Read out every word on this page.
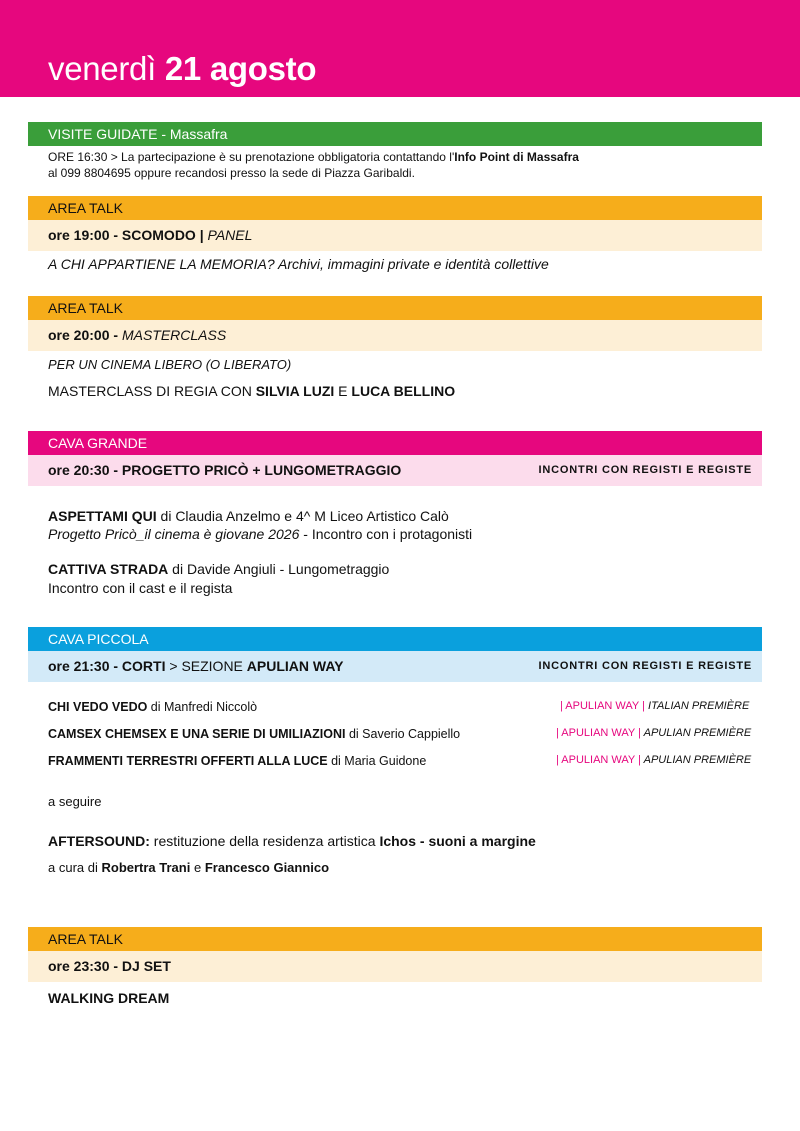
venerdì 21 agosto
VISITE GUIDATE - Massafra
ORE 16:30 > La partecipazione è su prenotazione obbligatoria contattando l'Info Point di Massafra
al 099 8804695 oppure recandosi presso la sede di Piazza Garibaldi.
AREA TALK
ore 19:00 - SCOMODO | PANEL
A CHI APPARTIENE LA MEMORIA? Archivi, immagini private e identità collettive
AREA TALK
ore 20:00 - MASTERCLASS
PER UN CINEMA LIBERO (O LIBERATO)
MASTERCLASS DI REGIA CON SILVIA LUZI E LUCA BELLINO
CAVA GRANDE
ore 20:30 - PROGETTO PRICÒ + LUNGOMETRAGGIO	INCONTRI CON REGISTI E REGISTE
ASPETTAMI QUI di Claudia Anzelmo e 4^ M Liceo Artistico Calò
Progetto Pricò_il cinema è giovane 2026 - Incontro con i protagonisti
CATTIVA STRADA di Davide Angiuli - Lungometraggio
Incontro con il cast e il regista
CAVA PICCOLA
ore 21:30 - CORTI > SEZIONE APULIAN WAY	INCONTRI CON REGISTI E REGISTE
CHI VEDO VEDO di Manfredi Niccolò	| APULIAN WAY | ITALIAN PREMIÈRE
CAMSEX CHEMSEX E UNA SERIE DI UMILIAZIONI di Saverio Cappiello	| APULIAN WAY | APULIAN PREMIÈRE
FRAMMENTI TERRESTRI OFFERTI ALLA LUCE di Maria Guidone	| APULIAN WAY | APULIAN PREMIÈRE
a seguire
AFTERSOUND: restituzione della residenza artistica Ichos - suoni a margine
a cura di Robertra Trani e Francesco Giannico
AREA TALK
ore 23:30 - DJ SET
WALKING DREAM
